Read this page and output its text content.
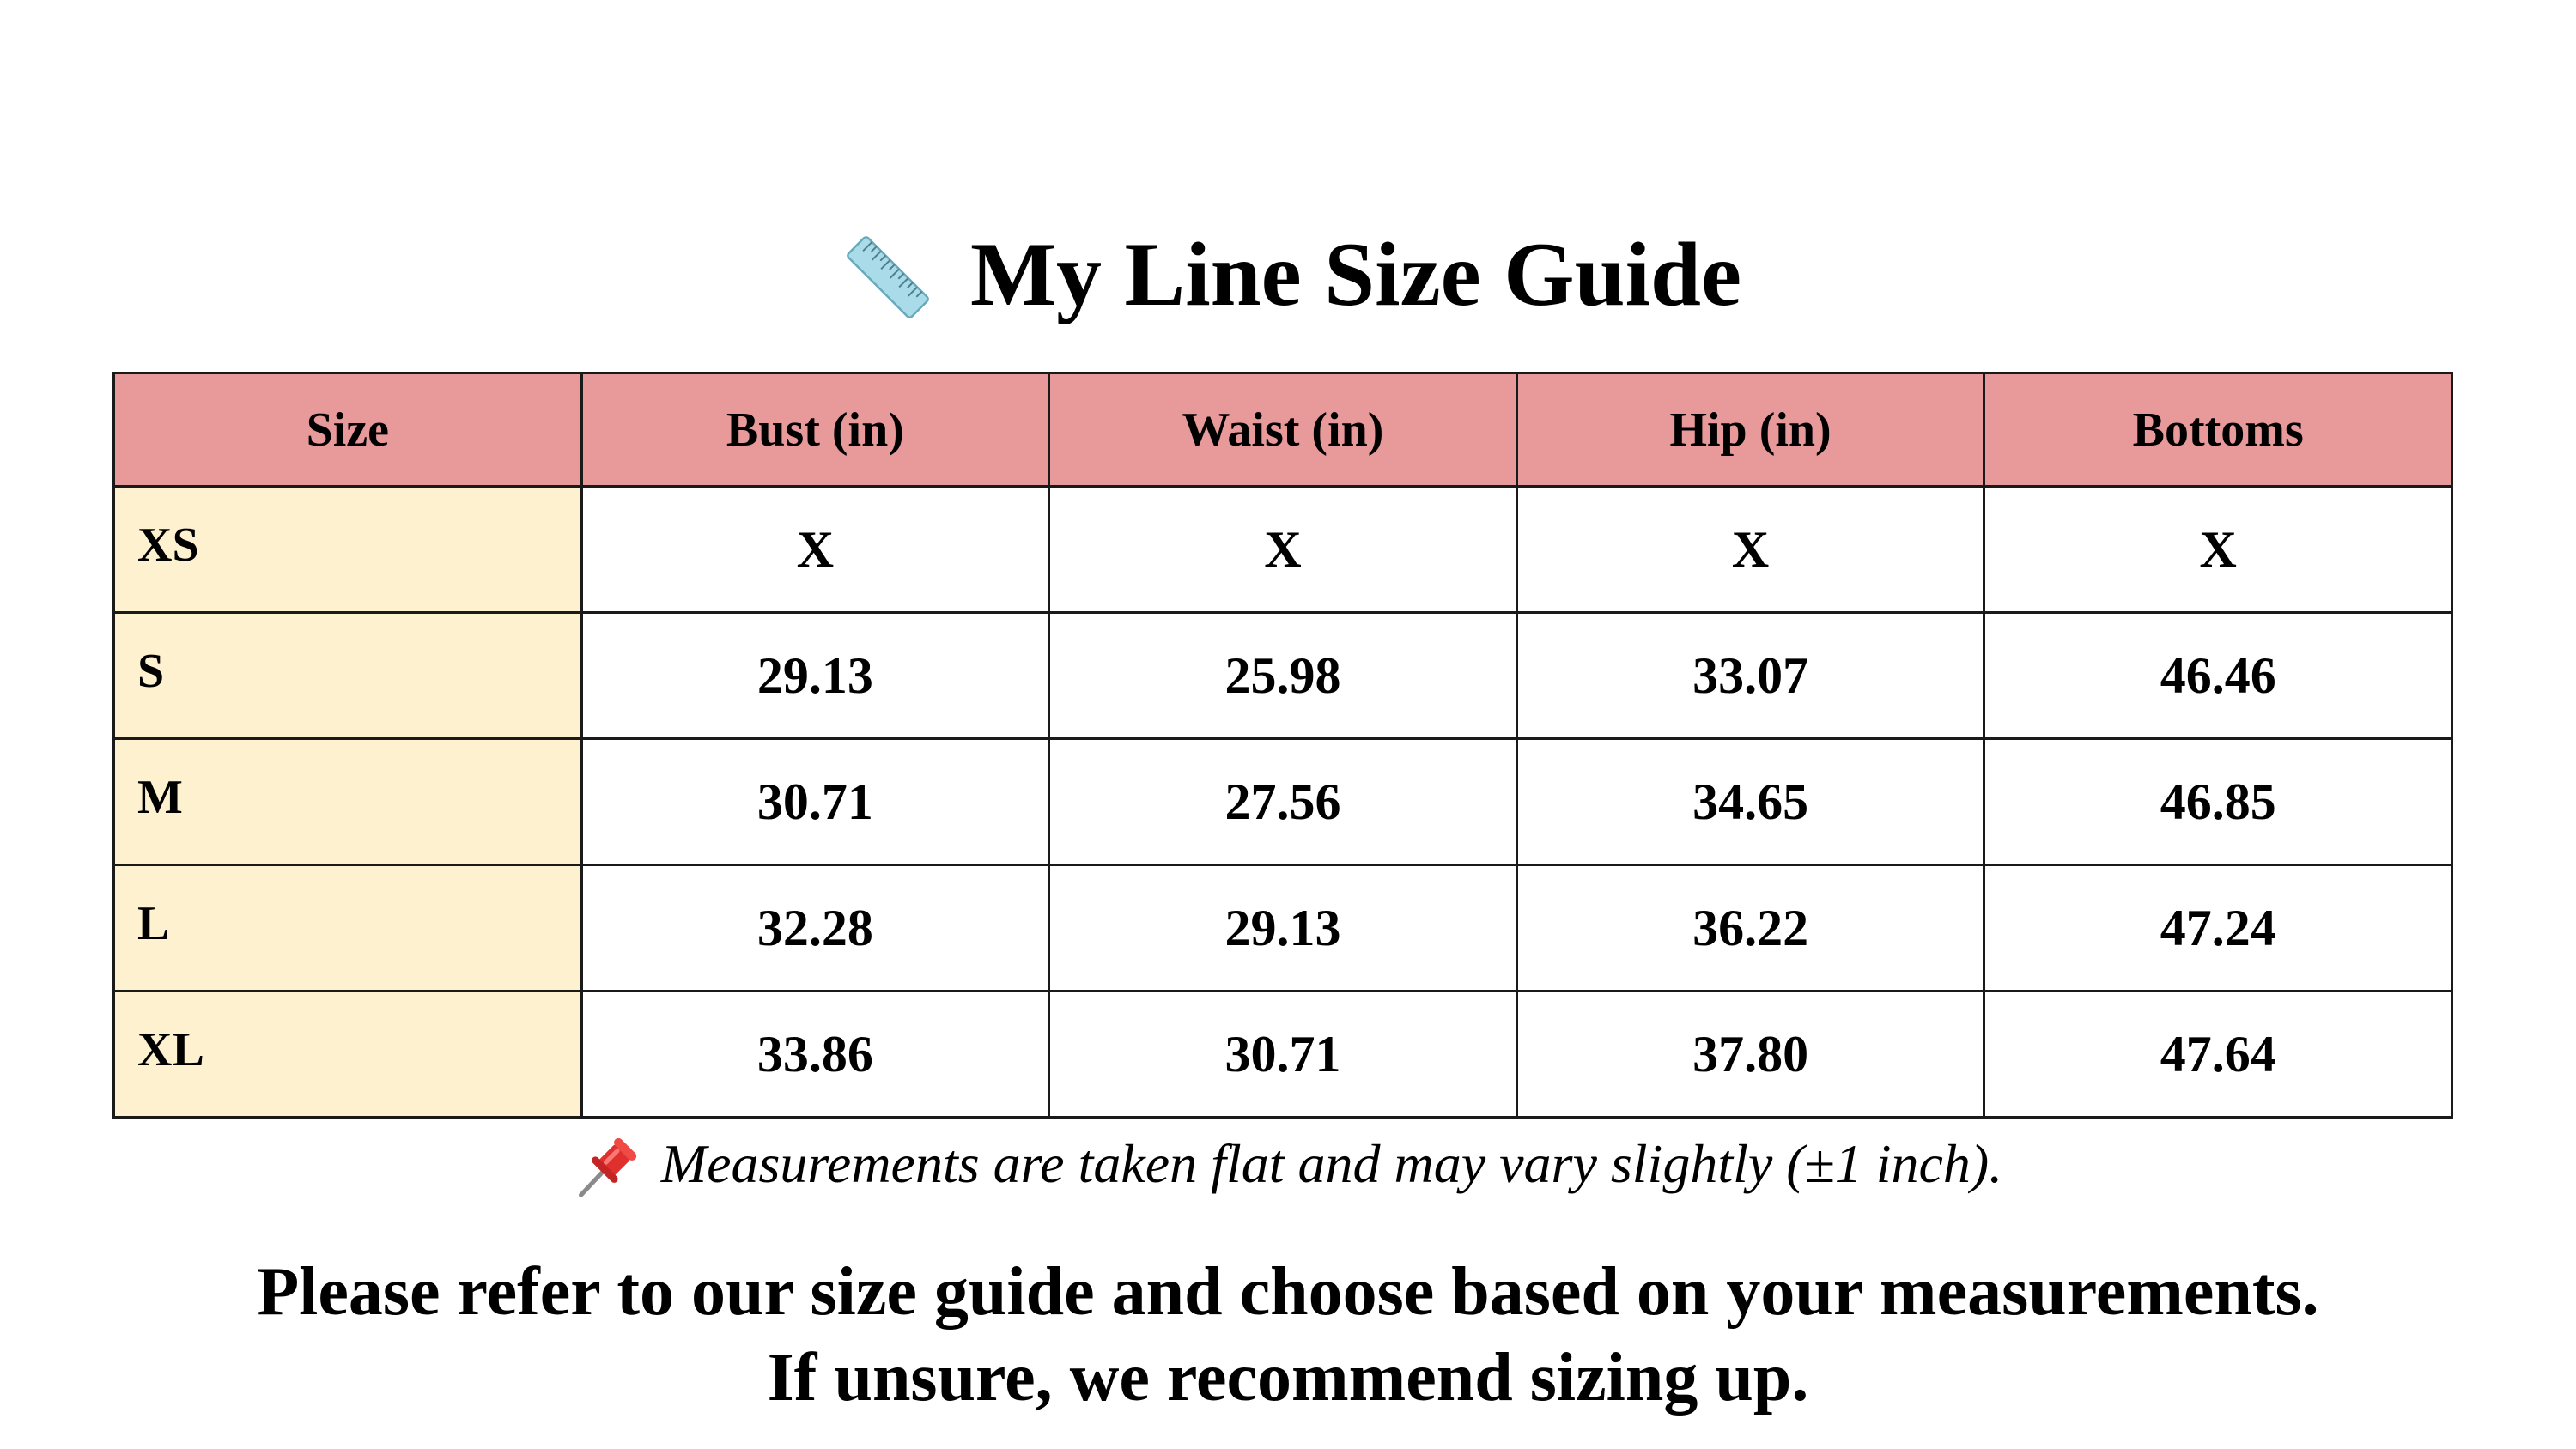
My Line Size Guide
Size	Bust (in)	Waist (in)	Hip (in)	Bottoms
XS	X	X	X	X
S	29.13	25.98	33.07	46.46
M	30.71	27.56	34.65	46.85
L	32.28	29.13	36.22	47.24
XL	33.86	30.71	37.80	47.64
Measurements are taken flat and may vary slightly (±1 inch).
Please refer to our size guide and choose based on your measurements.
If unsure, we recommend sizing up.
